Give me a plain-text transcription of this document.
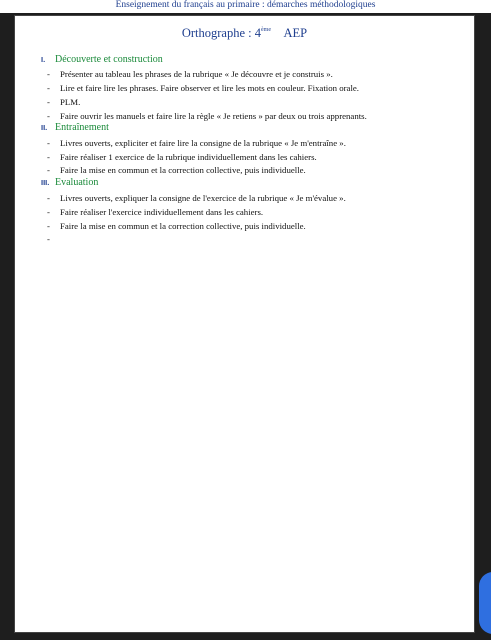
Enseignement du français au primaire : démarches méthodologiques
Orthographe : 4ème AEP
I. Découverte et construction
- Présenter au tableau les phrases de la rubrique « Je découvre et je construis ».
- Lire et faire lire les phrases. Faire observer et lire les mots en couleur. Fixation orale.
- PLM.
- Faire ouvrir les manuels et faire lire la règle « Je retiens » par deux ou trois apprenants.
II. Entraînement
- Livres ouverts, expliciter et faire lire la consigne de la rubrique « Je m'entraîne ».
- Faire réaliser 1 exercice de la rubrique individuellement dans les cahiers.
- Faire la mise en commun et la correction collective, puis individuelle.
III. Evaluation
- Livres ouverts, expliquer la consigne de l'exercice de la rubrique « Je m'évalue ».
- Faire réaliser l'exercice individuellement dans les cahiers.
- Faire la mise en commun et la correction collective, puis individuelle.
-
